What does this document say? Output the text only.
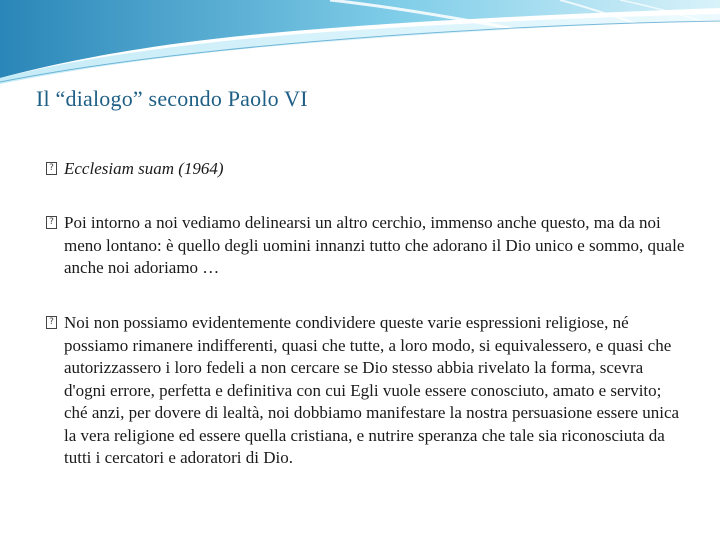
Il “dialogo” secondo Paolo VI
? Ecclesiam suam (1964)
? Poi intorno a noi vediamo delinearsi un altro cerchio, immenso anche questo, ma da noi meno lontano: è quello degli uomini innanzi tutto che adorano il Dio unico e sommo, quale anche noi adoriamo …
? Noi non possiamo evidentemente condividere queste varie espressioni religiose, né possiamo rimanere indifferenti, quasi che tutte, a loro modo, si equivalessero, e quasi che autorizzassero i loro fedeli a non cercare se Dio stesso abbia rivelato la forma, scevra d'ogni errore, perfetta e definitiva con cui Egli vuole essere conosciuto, amato e servito; ché anzi, per dovere di lealtà, noi dobbiamo manifestare la nostra persuasione essere unica la vera religione ed essere quella cristiana, e nutrire speranza che tale sia riconosciuta da tutti i cercatori e adoratori di Dio.
